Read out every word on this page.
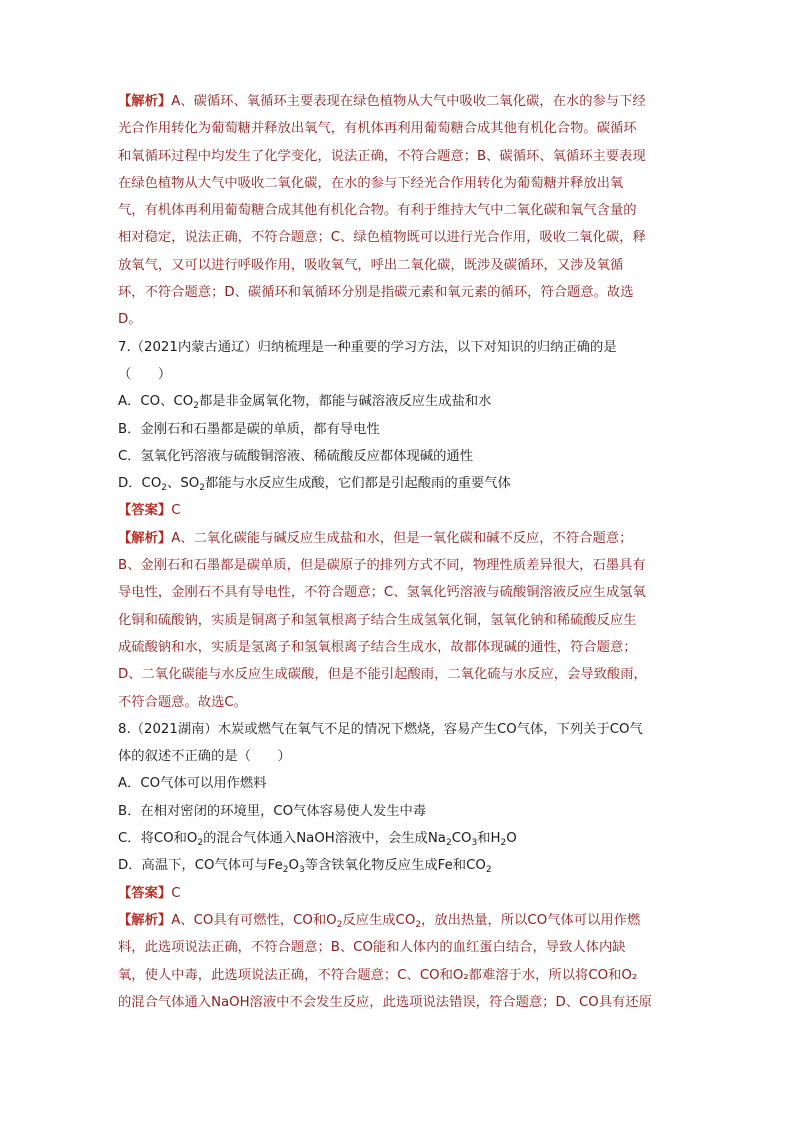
【解析】A、碳循环、氧循环主要表现在绿色植物从大气中吸收二氧化碳，在水的参与下经
光合作用转化为葡萄糖并释放出氧气，有机体再利用葡萄糖合成其他有机化合物。碳循环
和氧循环过程中均发生了化学变化，说法正确，不符合题意；B、碳循环、氧循环主要表现
在绿色植物从大气中吸收二氧化碳，在水的参与下经光合作用转化为葡萄糖并释放出氧
气，有机体再利用葡萄糖合成其他有机化合物。有利于维持大气中二氧化碳和氧气含量的
相对稳定，说法正确，不符合题意；C、绿色植物既可以进行光合作用，吸收二氧化碳，释
放氧气，又可以进行呼吸作用，吸收氧气，呼出二氧化碳，既涉及碳循环，又涉及氧循
环，不符合题意；D、碳循环和氧循环分别是指碳元素和氧元素的循环，符合题意。故选
D。
7.（2021内蒙古通辽）归纳梳理是一种重要的学习方法，以下对知识的归纳正确的是
（　　）
A．CO、$CO_2$都是非金属氧化物，都能与碱溶液反应生成盐和水
B．金刚石和石墨都是碳的单质，都有导电性
C．氢氧化钙溶液与硫酸铜溶液、稀硫酸反应都体现碱的通性
D．$CO_2$、$SO_2$都能与水反应生成酸，它们都是引起酸雨的重要气体
【答案】C
【解析】A、二氧化碳能与碱反应生成盐和水，但是一氧化碳和碱不反应，不符合题意；
B、金刚石和石墨都是碳单质，但是碳原子的排列方式不同，物理性质差异很大，石墨具有
导电性，金刚石不具有导电性，不符合题意；C、氢氧化钙溶液与硫酸铜溶液反应生成氢氧
化铜和硫酸钠，实质是铜离子和氢氧根离子结合生成氢氧化铜，氢氧化钠和稀硫酸反应生
成硫酸钠和水，实质是氢离子和氢氧根离子结合生成水，故都体现碱的通性，符合题意；
D、二氧化碳能与水反应生成碳酸，但是不能引起酸雨，二氧化硫与水反应，会导致酸雨，
不符合题意。故选C。
8.（2021湖南）木炭或燃气在氧气不足的情况下燃烧，容易产生CO气体，下列关于CO气
体的叙述不正确的是（　　）
A．CO气体可以用作燃料
B．在相对密闭的环境里，CO气体容易使人发生中毒
C．将CO和$O_2$的混合气体通入NaOH溶液中，会生成$Na_2CO_3$和$H_2O$
D．高温下，CO气体可与$Fe_2O_3$等含铁氧化物反应生成Fe和$CO_2$
【答案】C
【解析】A、CO具有可燃性，CO和$O_2$反应生成$CO_2$，放出热量，所以CO气体可以用作燃
料，此选项说法正确，不符合题意；B、CO能和人体内的血红蛋白结合，导致人体内缺
氧，使人中毒，此选项说法正确，不符合题意；C、CO和O₂都难溶于水，所以将CO和O₂
的混合气体通入NaOH溶液中不会发生反应，此选项说法错误，符合题意；D、CO具有还原
